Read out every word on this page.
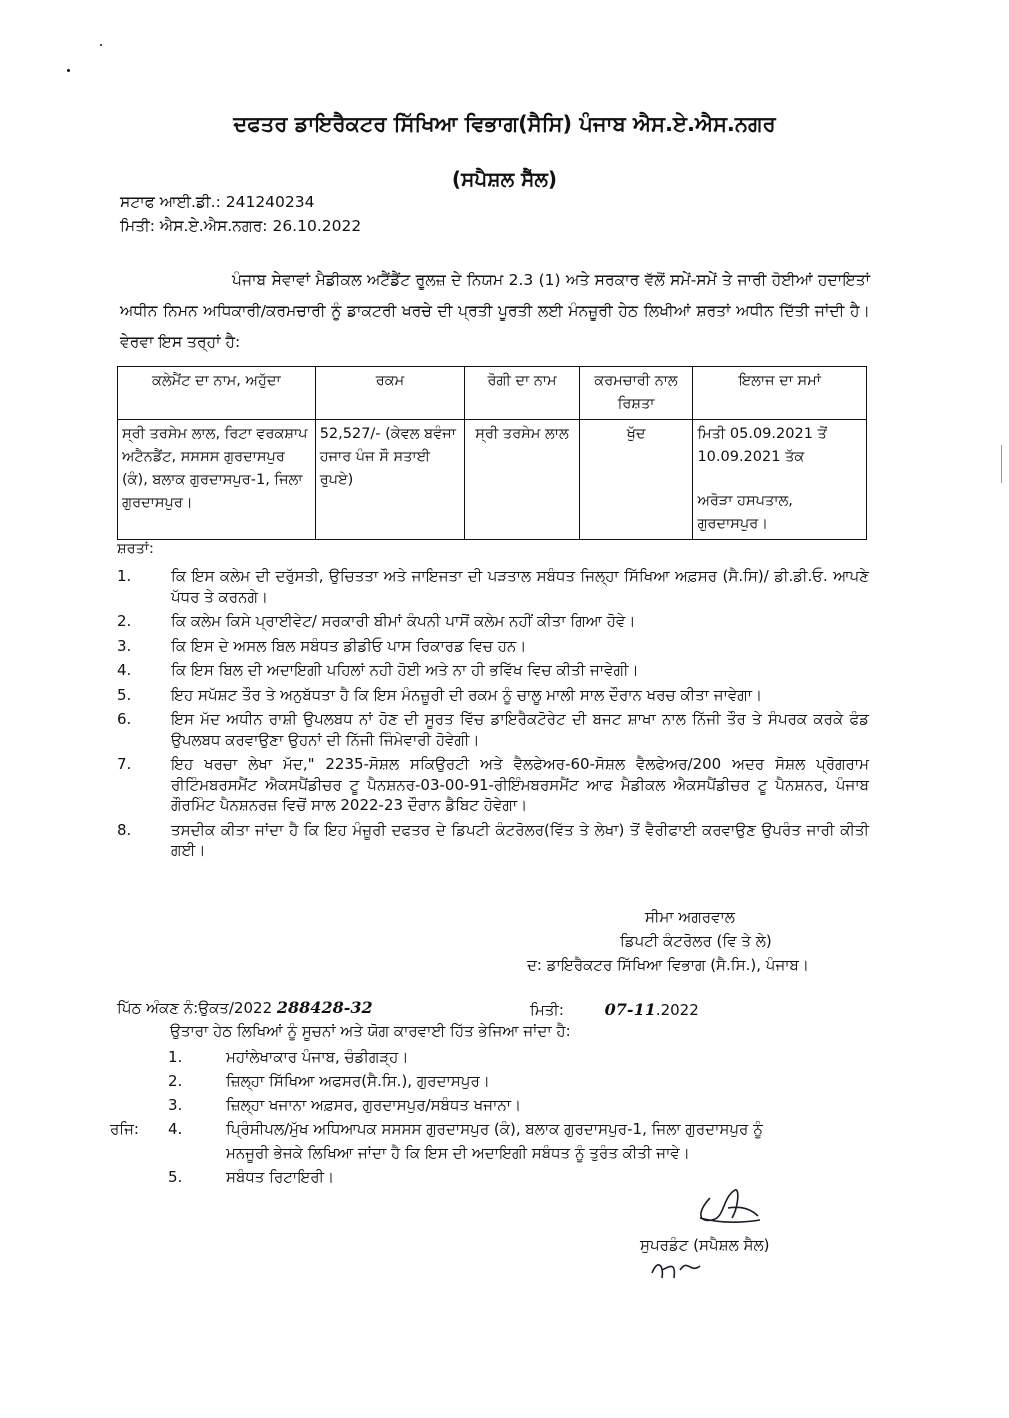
ਦਫਤਰ ਡਾਇਰੈਕਟਰ ਸਿੱਖਿਆ ਵਿਭਾਗ(ਸੈਸਿ) ਪੰਜਾਬ ਐਸ.ਏ.ਐਸ.ਨਗਰ
(ਸਪੈਸ਼ਲ ਸੈੱਲ)
ਸਟਾਫ ਆਈ.ਡੀ.: 241240234
ਮਿਤੀ: ਐਸ.ਏ.ਐਸ.ਨਗਰ: 26.10.2022
ਪੰਜਾਬ ਸੇਵਾਵਾਂ ਮੈਡੀਕਲ ਅਟੈਂਡੈਂਟ ਰੂਲਜ਼ ਦੇ ਨਿਯਮ 2.3 (1) ਅਤੇ ਸਰਕਾਰ ਵੱਲੋਂ ਸਮੇਂ-ਸਮੇਂ ਤੇ ਜਾਰੀ ਹੋਈਆਂ ਹਦਾਇਤਾਂ ਅਧੀਨ ਨਿਮਨ ਅਧਿਕਾਰੀ/ਕਰਮਚਾਰੀ ਨੂੰ ਡਾਕਟਰੀ ਖਰਚੇ ਦੀ ਪ੍ਰਤੀ ਪੂਰਤੀ ਲਈ ਮੰਨਜ਼ੂਰੀ ਹੇਠ ਲਿਖੀਆਂ ਸ਼ਰਤਾਂ ਅਧੀਨ ਦਿੱਤੀ ਜਾਂਦੀ ਹੈ। ਵੇਰਵਾ ਇਸ ਤਰ੍ਹਾਂ ਹੈ:
ਕਲੇਮੈਂਟ ਦਾ ਨਾਮ, ਅਹੁੱਦਾ	ਰਕਮ	ਰੋਗੀ ਦਾ ਨਾਮ	ਕਰਮਚਾਰੀ ਨਾਲ ਰਿਸ਼ਤਾ	ਇਲਾਜ ਦਾ ਸਮਾਂ
ਸ੍ਰੀ ਤਰਸੇਮ ਲਾਲ, ਰਿਟਾ ਵਰਕਸ਼ਾਪ ਅਟੈਨਡੈਂਟ, ਸਸਸਸ ਗੁਰਦਾਸਪੁਰ (ਕੰ), ਬਲਾਕ ਗੁਰਦਾਸਪੁਰ-1, ਜਿਲਾ ਗੁਰਦਾਸਪੁਰ।	52,527/- (ਕੇਵਲ ਬਵੰਜਾ ਹਜਾਰ ਪੰਜ ਸੌ ਸਤਾਈ ਰੁਪਏ)	ਸ੍ਰੀ ਤਰਸੇਮ ਲਾਲ	ਖੁੱਦ	ਮਿਤੀ 05.09.2021 ਤੋਂ 10.09.2021 ਤੱਕ
ਅਰੋੜਾ ਹਸਪਤਾਲ, ਗੁਰਦਾਸਪੁਰ।
ਸ਼ਰਤਾਂ:
1.	ਕਿ ਇਸ ਕਲੇਮ ਦੀ ਦਰੁੱਸਤੀ, ਉਚਿਤਤਾ ਅਤੇ ਜਾਇਜਤਾ ਦੀ ਪੜਤਾਲ ਸਬੰਧਤ ਜਿਲ੍ਹਾ ਸਿੱਖਿਆ ਅਫ਼ਸਰ (ਸੈ.ਸਿ)/ ਡੀ.ਡੀ.ਓ. ਆਪਣੇ ਪੱਧਰ ਤੇ ਕਰਨਗੇ।
2.	ਕਿ ਕਲੇਮ ਕਿਸੇ ਪ੍ਰਾਈਵੇਟ/ ਸਰਕਾਰੀ ਬੀਮਾਂ ਕੰਪਨੀ ਪਾਸੋਂ ਕਲੇਮ ਨਹੀਂ ਕੀਤਾ ਗਿਆ ਹੋਵੇ।
3.	ਕਿ ਇਸ ਦੇ ਅਸਲ ਬਿਲ ਸਬੰਧਤ ਡੀਡੀਓ ਪਾਸ ਰਿਕਾਰਡ ਵਿਚ ਹਨ।
4.	ਕਿ ਇਸ ਬਿਲ ਦੀ ਅਦਾਇਗੀ ਪਹਿਲਾਂ ਨਹੀ ਹੋਈ ਅਤੇ ਨਾ ਹੀ ਭਵਿੱਖ ਵਿਚ ਕੀਤੀ ਜਾਵੇਗੀ।
5.	ਇਹ ਸਪੱਸ਼ਟ ਤੌਰ ਤੇ ਅਨੁਬੱਧਤਾ ਹੈ ਕਿ ਇਸ ਮੰਨਜ਼ੂਰੀ ਦੀ ਰਕਮ ਨੂੰ ਚਾਲੂ ਮਾਲੀ ਸਾਲ ਦੌਰਾਨ ਖਰਚ ਕੀਤਾ ਜਾਵੇਗਾ।
6.	ਇਸ ਮੱਦ ਅਧੀਨ ਰਾਸ਼ੀ ਉਪਲਬਧ ਨਾਂ ਹੋਣ ਦੀ ਸੂਰਤ ਵਿੱਚ ਡਾਇਰੈਕਟੋਰੇਟ ਦੀ ਬਜਟ ਸ਼ਾਖਾ ਨਾਲ ਨਿੱਜੀ ਤੌਰ ਤੇ ਸੰਪਰਕ ਕਰਕੇ ਫੰਡ ਉਪਲਬਧ ਕਰਵਾਉਣਾ ਉਹਨਾਂ ਦੀ ਨਿੱਜੀ ਜਿੰਮੇਵਾਰੀ ਹੋਵੇਗੀ।
7.	ਇਹ ਖਰਚਾ ਲੇਖਾ ਮੱਦ," 2235-ਸੋਸ਼ਲ ਸਕਿਉਰਟੀ ਅਤੇ ਵੈਲਫੇਅਰ-60-ਸੋਸ਼ਲ ਵੈਲਫੇਅਰ/200 ਅਦਰ ਸੋਸ਼ਲ ਪ੍ਰੋਗਰਾਮ ਰੀਟਿੰਮਬਰਸਮੈਂਟ ਐਕਸਪੈਂਡੀਚਰ ਟੂ ਪੈਨਸ਼ਨਰ-03-00-91-ਰੀਇੰਮਬਰਸਮੈਂਟ ਆਫ ਮੈਡੀਕਲ ਐਕਸਪੈਂਡੀਚਰ ਟੂ ਪੈਨਸ਼ਨਰ, ਪੰਜਾਬ ਗੌਰਮਿੰਟ ਪੈਨਸ਼ਨਰਜ਼ ਵਿਚੋਂ ਸਾਲ 2022-23 ਦੌਰਾਨ ਡੈਬਿਟ ਹੋਵੇਗਾ।
8.	ਤਸਦੀਕ ਕੀਤਾ ਜਾਂਦਾ ਹੈ ਕਿ ਇਹ ਮੰਜ਼ੂਰੀ ਦਫਤਰ ਦੇ ਡਿਪਟੀ ਕੰਟਰੋਲਰ(ਵਿੱਤ ਤੇ ਲੇਖਾ) ਤੋਂ ਵੈਰੀਫਾਈ ਕਰਵਾਉਣ ਉਪਰੰਤ ਜਾਰੀ ਕੀਤੀ ਗਈ।
ਸੀਮਾ ਅਗਰਵਾਲ
ਡਿਪਟੀ ਕੰਟਰੋਲਰ (ਵਿ ਤੇ ਲੇ)
ਦ: ਡਾਇਰੈਕਟਰ ਸਿੱਖਿਆ ਵਿਭਾਗ (ਸੈ.ਸਿ.), ਪੰਜਾਬ।
ਪਿੱਠ ਅੰਕਣ ਨੰ:ਉਕਤ/2022 288428-32	ਮਿਤੀ:	07-11.2022
ਉਤਾਰਾ ਹੇਠ ਲਿਖਿਆਂ ਨੂੰ ਸੂਚਨਾਂ ਅਤੇ ਯੋਗ ਕਾਰਵਾਈ ਹਿੱਤ ਭੇਜਿਆ ਜਾਂਦਾ ਹੈ:
1.	ਮਹਾਂਲੇਖਾਕਾਰ ਪੰਜਾਬ, ਚੰਡੀਗੜ੍ਹ।
2.	ਜ਼ਿਲ੍ਹਾ ਸਿੱਖਿਆ ਅਫਸਰ(ਸੈ.ਸਿ.), ਗੁਰਦਾਸਪੁਰ।
3.	ਜ਼ਿਲ੍ਹਾ ਖਜਾਨਾ ਅਫ਼ਸਰ, ਗੁਰਦਾਸਪੁਰ/ਸਬੰਧਤ ਖਜਾਨਾ।
ਰਜਿ:	4.	ਪ੍ਰਿੰਸੀਪਲ/ਮੁੱਖ ਅਧਿਆਪਕ ਸਸਸਸ ਗੁਰਦਾਸਪੁਰ (ਕੰ), ਬਲਾਕ ਗੁਰਦਾਸਪੁਰ-1, ਜਿਲਾ ਗੁਰਦਾਸਪੁਰ ਨੂੰ
ਮਨਜੂਰੀ ਭੇਜਕੇ ਲਿਖਿਆ ਜਾਂਦਾ ਹੈ ਕਿ ਇਸ ਦੀ ਅਦਾਇਗੀ ਸਬੰਧਤ ਨੂੰ ਤੁਰੰਤ ਕੀਤੀ ਜਾਵੇ।
5.	ਸਬੰਧਤ ਰਿਟਾਇਰੀ।
ਸੁਪਰਡੰਟ (ਸਪੈਸ਼ਲ ਸੈਲ)
